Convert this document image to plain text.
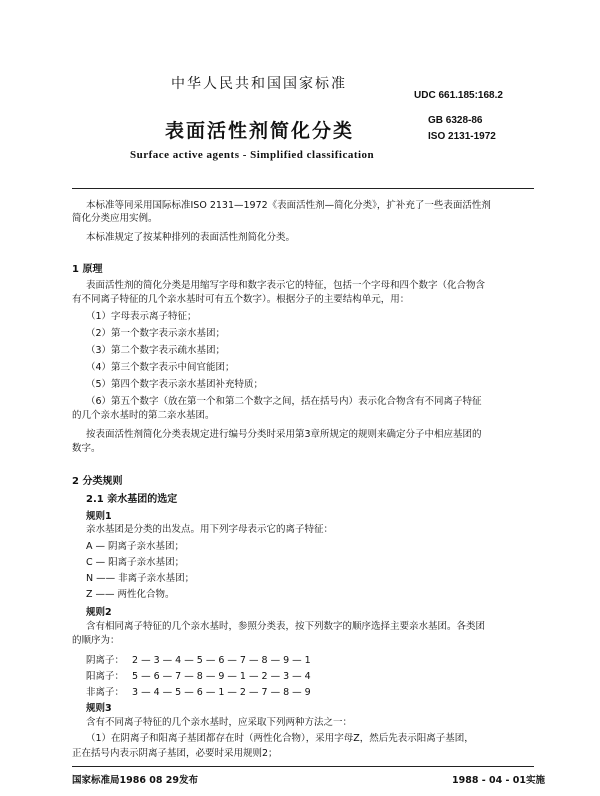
中华人民共和国国家标准
表面活性剂简化分类
Surface active agents - Simplified classification
UDC 661.185:168.2
GB 6328-86
ISO 2131-1972
本标准等同采用国际标准ISO 2131—1972《表面活性剂—简化分类》，扩补充了一些表面活性剂
简化分类应用实例。
本标准规定了按某种排列的表面活性剂简化分类。
1 原理
表面活性剂的简化分类是用缩写字母和数字表示它的特征，包括一个字母和四个数字（化合物含
有不同离子特征的几个亲水基时可有五个数字）。根据分子的主要结构单元，用：
（1）字母表示离子特征；
（2）第一个数字表示亲水基团；
（3）第二个数字表示疏水基团；
（4）第三个数字表示中间官能团；
（5）第四个数字表示亲水基团补充特质；
（6）第五个数字（放在第一个和第二个数字之间，括在括号内）表示化合物含有不同离子特征
的几个亲水基时的第二亲水基团。
按表面活性剂简化分类表规定进行编号分类时采用第3章所规定的规则来确定分子中相应基团的
数字。
2 分类规则
2.1 亲水基团的选定
规则1
亲水基团是分类的出发点。用下列字母表示它的离子特征：
A — 阴离子亲水基团；
C — 阳离子亲水基团；
N —— 非离子亲水基团；
Z —— 两性化合物。
规则2
含有相同离子特征的几个亲水基时，参照分类表，按下列数字的顺序选择主要亲水基团。各类团
的顺序为：
阴离子： 2 — 3 — 4 — 5 — 6 — 7 — 8 — 9 — 1
阳离子： 5 — 6 — 7 — 8 — 9 — 1 — 2 — 3 — 4
非离子： 3 — 4 — 5 — 6 — 1 — 2 — 7 — 8 — 9
规则3
含有不同离子特征的几个亲水基时，应采取下列两种方法之一：
（1）在阴离子和阳离子基团都存在时（两性化合物），采用字母Z，然后先表示阳离子基团，
正在括号内表示阴离子基团，必要时采用规则2；
国家标准局1986 08 29发布	1988 - 04 - 01实施
